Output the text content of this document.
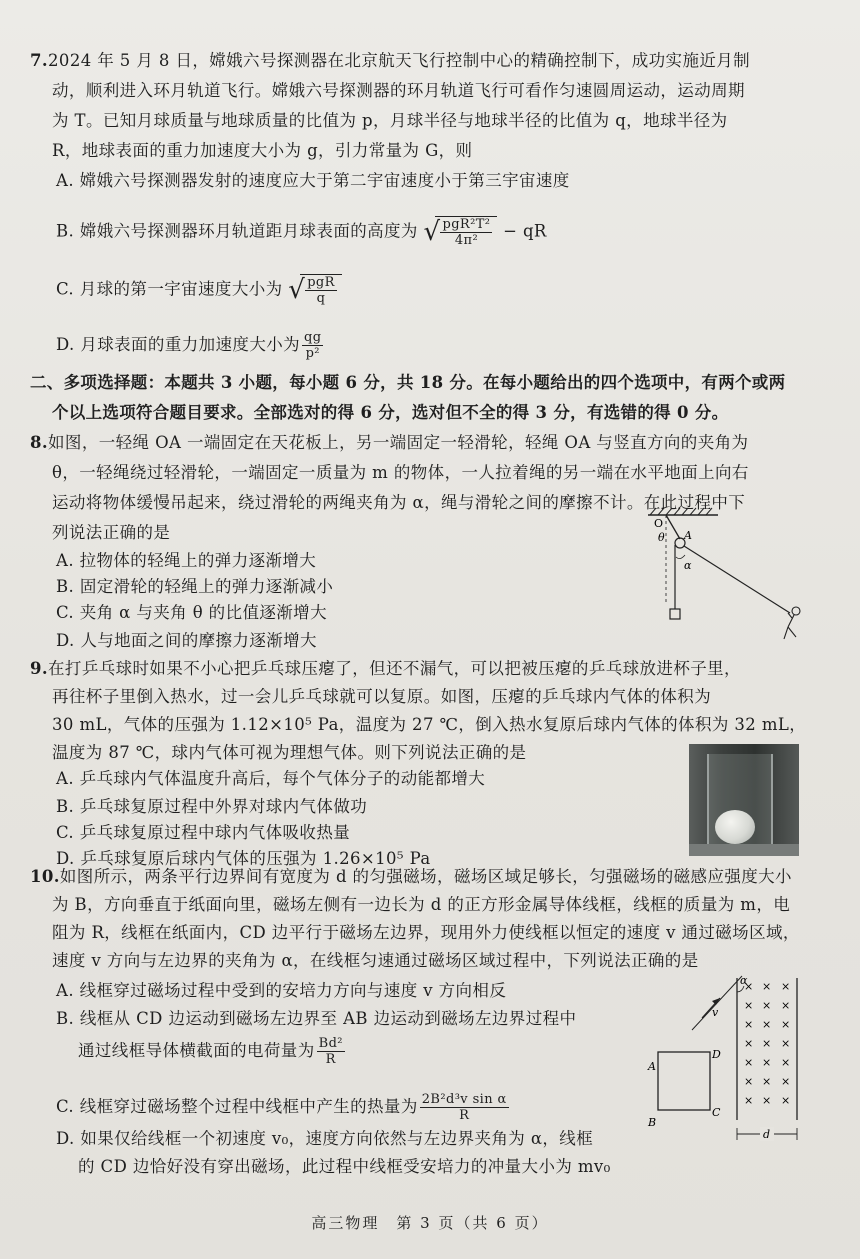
7.2024 年 5 月 8 日，嫦娥六号探测器在北京航天飞行控制中心的精确控制下，成功实施近月制
动，顺利进入环月轨道飞行。嫦娥六号探测器的环月轨道飞行可看作匀速圆周运动，运动周期
为 T。已知月球质量与地球质量的比值为 p，月球半径与地球半径的比值为 q，地球半径为
R，地球表面的重力加速度大小为 g，引力常量为 G，则
A. 嫦娥六号探测器发射的速度应大于第二宇宙速度小于第三宇宙速度
B. 嫦娥六号探测器环月轨道距月球表面的高度为 √ $\frac{\text{pgR²T²}}{\text{4π²}}$ − qR
C. 月球的第一宇宙速度大小为 √ $\frac{\text{pgR}}{q}$
D. 月球表面的重力加速度大小为 $\frac{qg}{\text{p²}}$
二、多项选择题：本题共 3 小题，每小题 6 分，共 18 分。在每小题给出的四个选项中，有两个或两
个以上选项符合题目要求。全部选对的得 6 分，选对但不全的得 3 分，有选错的得 0 分。
8.如图，一轻绳 OA 一端固定在天花板上，另一端固定一轻滑轮，轻绳 OA 与竖直方向的夹角为
θ，一轻绳绕过轻滑轮，一端固定一质量为 m 的物体，一人拉着绳的另一端在水平地面上向右
运动将物体缓慢吊起来，绕过滑轮的两绳夹角为 α，绳与滑轮之间的摩擦不计。在此过程中下
列说法正确的是
A. 拉物体的轻绳上的弹力逐渐增大
B. 固定滑轮的轻绳上的弹力逐渐减小
C. 夹角 α 与夹角 θ 的比值逐渐增大
D. 人与地面之间的摩擦力逐渐增大
O
A
θ
α
9.在打乒乓球时如果不小心把乒乓球压瘪了，但还不漏气，可以把被压瘪的乒乓球放进杯子里，
再往杯子里倒入热水，过一会儿乒乓球就可以复原。如图，压瘪的乒乓球内气体的体积为
30 mL，气体的压强为 1.12×10⁵ Pa，温度为 27 ℃，倒入热水复原后球内气体的体积为 32 mL，
温度为 87 ℃，球内气体可视为理想气体。则下列说法正确的是
A. 乒乓球内气体温度升高后，每个气体分子的动能都增大
B. 乒乓球复原过程中外界对球内气体做功
C. 乒乓球复原过程中球内气体吸收热量
D. 乒乓球复原后球内气体的压强为 1.26×10⁵ Pa
10.如图所示，两条平行边界间有宽度为 d 的匀强磁场，磁场区域足够长，匀强磁场的磁感应强度大小
为 B，方向垂直于纸面向里，磁场左侧有一边长为 d 的正方形金属导体线框，线框的质量为 m，电
阻为 R，线框在纸面内，CD 边平行于磁场左边界，现用外力使线框以恒定的速度 v 通过磁场区域，
速度 v 方向与左边界的夹角为 α，在线框匀速通过磁场区域过程中，下列说法正确的是
A. 线框穿过磁场过程中受到的安培力方向与速度 v 方向相反
B. 线框从 CD 边运动到磁场左边界至 AB 边运动到磁场左边界过程中
通过线框导体横截面的电荷量为 $\frac{\text{Bd²}}{R}$
C. 线框穿过磁场整个过程中线框中产生的热量为 $\frac{\text{2B²d³v sin α}}{R}$
D. 如果仅给线框一个初速度 v₀，速度方向依然与左边界夹角为 α，线框
的 CD 边恰好没有穿出磁场，此过程中线框受安培力的冲量大小为 mv₀
× × ×
× × ×
× × ×
× × ×
× × ×
× × ×
× × ×
v
α
A
D
B
C
d
高三物理　第 3 页（共 6 页）
